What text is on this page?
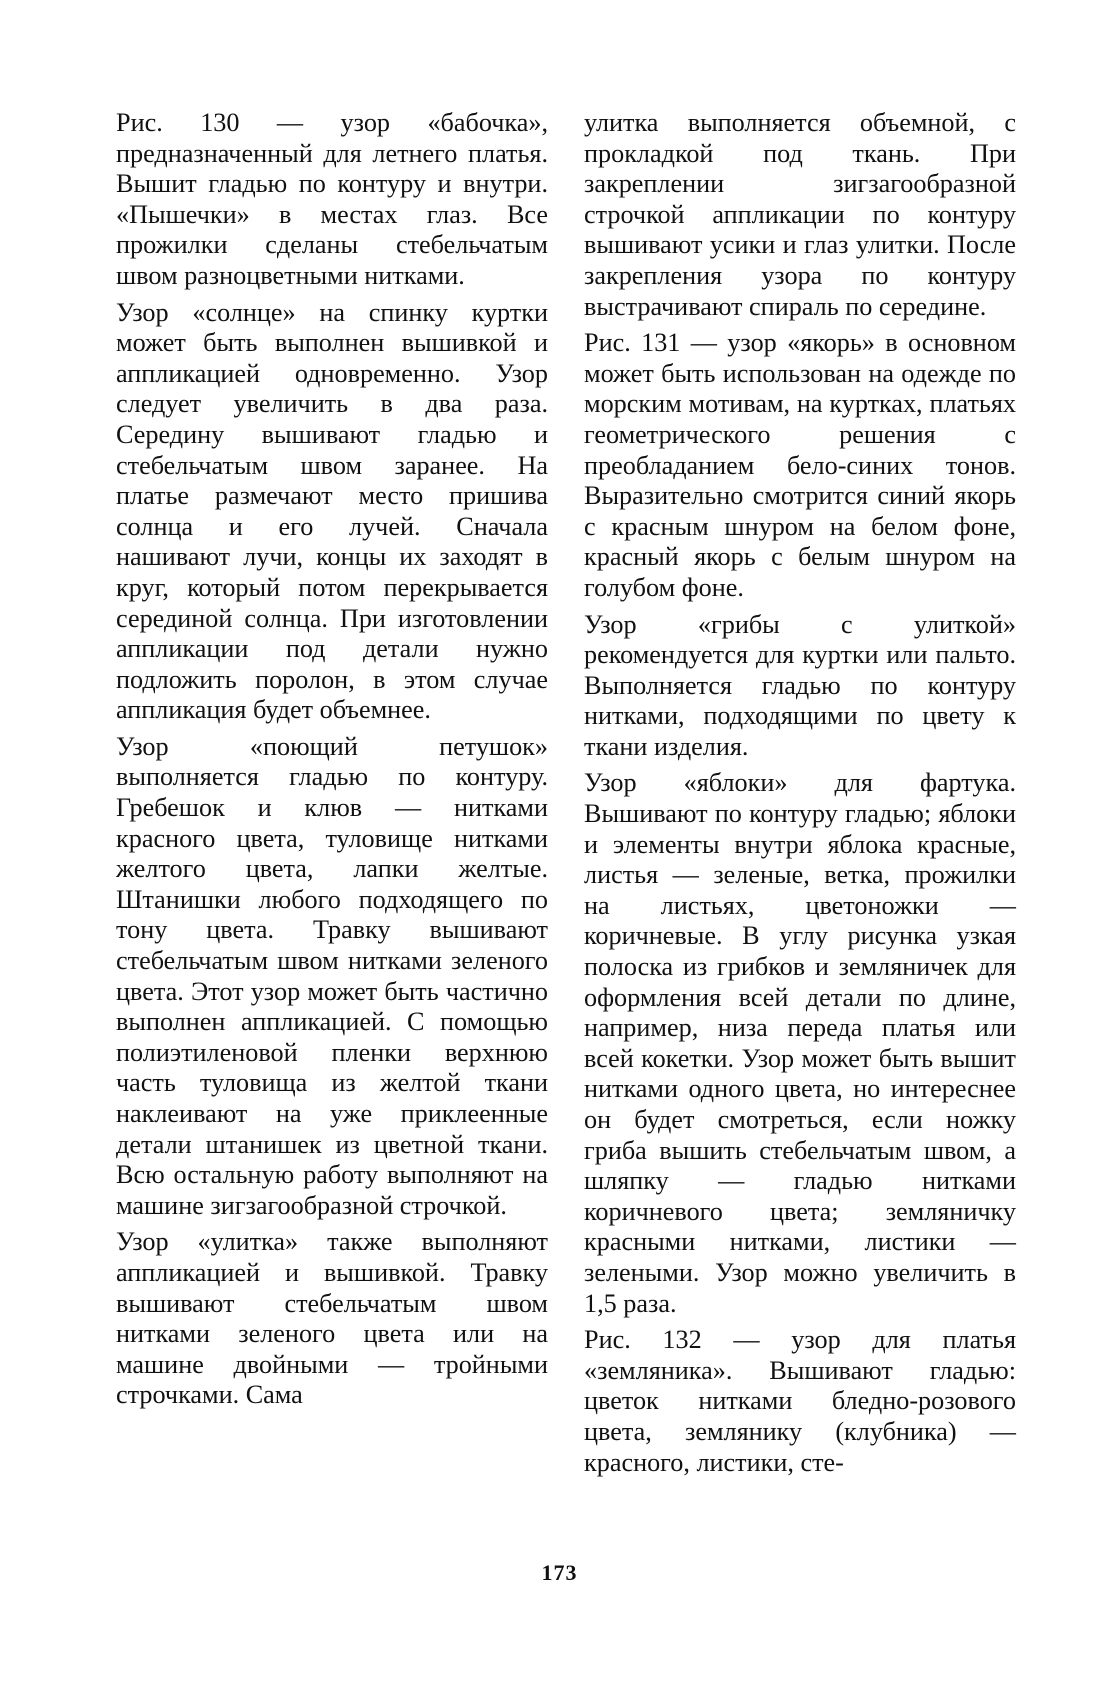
Рис. 130 — узор «бабочка», предназначенный для летнего платья. Вышит гладью по контуру и внутри. «Пышечки» в местах глаз. Все прожилки сделаны стебельчатым швом разноцветными нитками.

Узор «солнце» на спинку куртки может быть выполнен вышивкой и аппликацией одновременно. Узор следует увеличить в два раза. Середину вышивают гладью и стебельчатым швом заранее. На платье размечают место пришива солнца и его лучей. Сначала нашивают лучи, концы их заходят в круг, который потом перекрывается серединой солнца. При изготовлении аппликации под детали нужно подложить поролон, в этом случае аппликация будет объемнее.

Узор «поющий петушок» выполняется гладью по контуру. Гребешок и клюв — нитками красного цвета, туловище нитками желтого цвета, лапки желтые. Штанишки любого подходящего по тону цвета. Травку вышивают стебельчатым швом нитками зеленого цвета. Этот узор может быть частично выполнен аппликацией. С помощью полиэтиленовой пленки верхнюю часть туловища из желтой ткани наклеивают на уже приклеенные детали штанишек из цветной ткани. Всю остальную работу выполняют на машине зигзагообразной строчкой.

Узор «улитка» также выполняют аппликацией и вышивкой. Травку вышивают стебельчатым швом нитками зеленого цвета или на машине двойными — тройными строчками. Сама

улитка выполняется объемной, с прокладкой под ткань. При закреплении зигзагообразной строчкой аппликации по контуру вышивают усики и глаз улитки. После закрепления узора по контуру выстрачивают спираль по середине.

Рис. 131 — узор «якорь» в основном может быть использован на одежде по морским мотивам, на куртках, платьях геометрического решения с преобладанием бело-синих тонов. Выразительно смотрится синий якорь с красным шнуром на белом фоне, красный якорь с белым шнуром на голубом фоне.

Узор «грибы с улиткой» рекомендуется для куртки или пальто. Выполняется гладью по контуру нитками, подходящими по цвету к ткани изделия.

Узор «яблоки» для фартука. Вышивают по контуру гладью; яблоки и элементы внутри яблока красные, листья — зеленые, ветка, прожилки на листьях, цветоножки — коричневые. В углу рисунка узкая полоска из грибков и земляничек для оформления всей детали по длине, например, низа переда платья или всей кокетки. Узор может быть вышит нитками одного цвета, но интереснее он будет смотреться, если ножку гриба вышить стебельчатым швом, а шляпку — гладью нитками коричневого цвета; земляничку красными нитками, листики — зелеными. Узор можно увеличить в 1,5 раза.

Рис. 132 — узор для платья «земляника». Вышивают гладью: цветок нитками бледно-розового цвета, землянику (клубника) — красного, листики, сте-

173
